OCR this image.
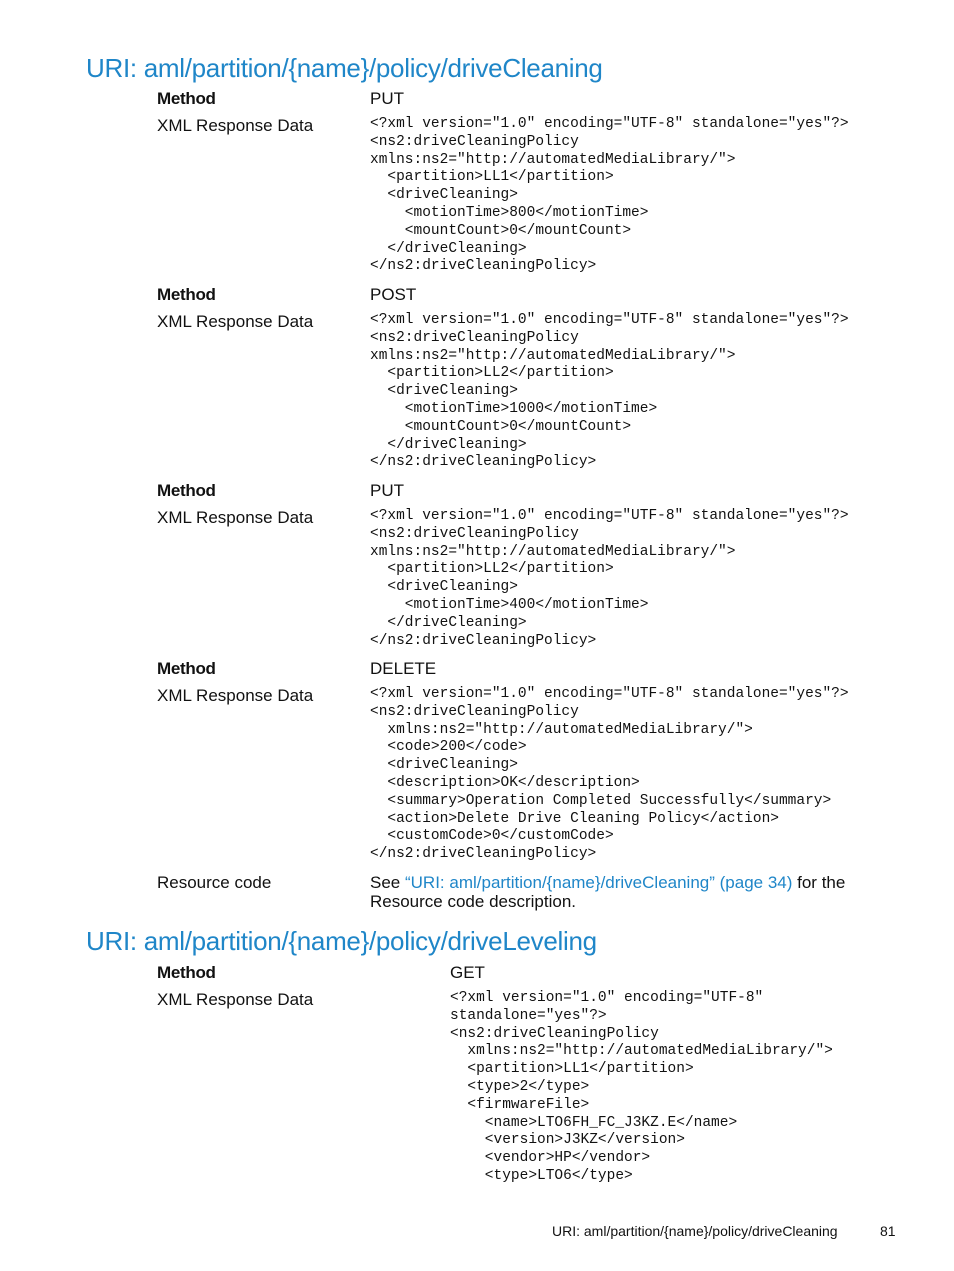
URI: aml/partition/{name}/policy/driveCleaning
Method	PUT
XML Response Data	<?xml version="1.0" encoding="UTF-8" standalone="yes"?>
<ns2:driveCleaningPolicy
xmlns:ns2="http://automatedMediaLibrary/">
<partition>LL1</partition>
<driveCleaning>
<motionTime>800</motionTime>
<mountCount>0</mountCount>
</driveCleaning>
</ns2:driveCleaningPolicy>
Method	POST
XML Response Data	<?xml version="1.0" encoding="UTF-8" standalone="yes"?>
<ns2:driveCleaningPolicy
xmlns:ns2="http://automatedMediaLibrary/">
<partition>LL2</partition>
<driveCleaning>
<motionTime>1000</motionTime>
<mountCount>0</mountCount>
</driveCleaning>
</ns2:driveCleaningPolicy>
Method	PUT
XML Response Data	<?xml version="1.0" encoding="UTF-8" standalone="yes"?>
<ns2:driveCleaningPolicy
xmlns:ns2="http://automatedMediaLibrary/">
<partition>LL2</partition>
<driveCleaning>
<motionTime>400</motionTime>
</driveCleaning>
</ns2:driveCleaningPolicy>
Method	DELETE
XML Response Data	<?xml version="1.0" encoding="UTF-8" standalone="yes"?>
<ns2:driveCleaningPolicy
xmlns:ns2="http://automatedMediaLibrary/">
<code>200</code>
<driveCleaning>
<description>OK</description>
<summary>Operation Completed Successfully</summary>
<action>Delete Drive Cleaning Policy</action>
<customCode>0</customCode>
</ns2:driveCleaningPolicy>
Resource code	See “URI: aml/partition/{name}/driveCleaning” (page 34) for the Resource code description.
URI: aml/partition/{name}/policy/driveLeveling
Method	GET
XML Response Data	<?xml version="1.0" encoding="UTF-8"
standalone="yes"?>
<ns2:driveCleaningPolicy
xmlns:ns2="http://automatedMediaLibrary/">
<partition>LL1</partition>
<type>2</type>
<firmwareFile>
<name>LTO6FH_FC_J3KZ.E</name>
<version>J3KZ</version>
<vendor>HP</vendor>
<type>LTO6</type>
URI: aml/partition/{name}/policy/driveCleaning	81
